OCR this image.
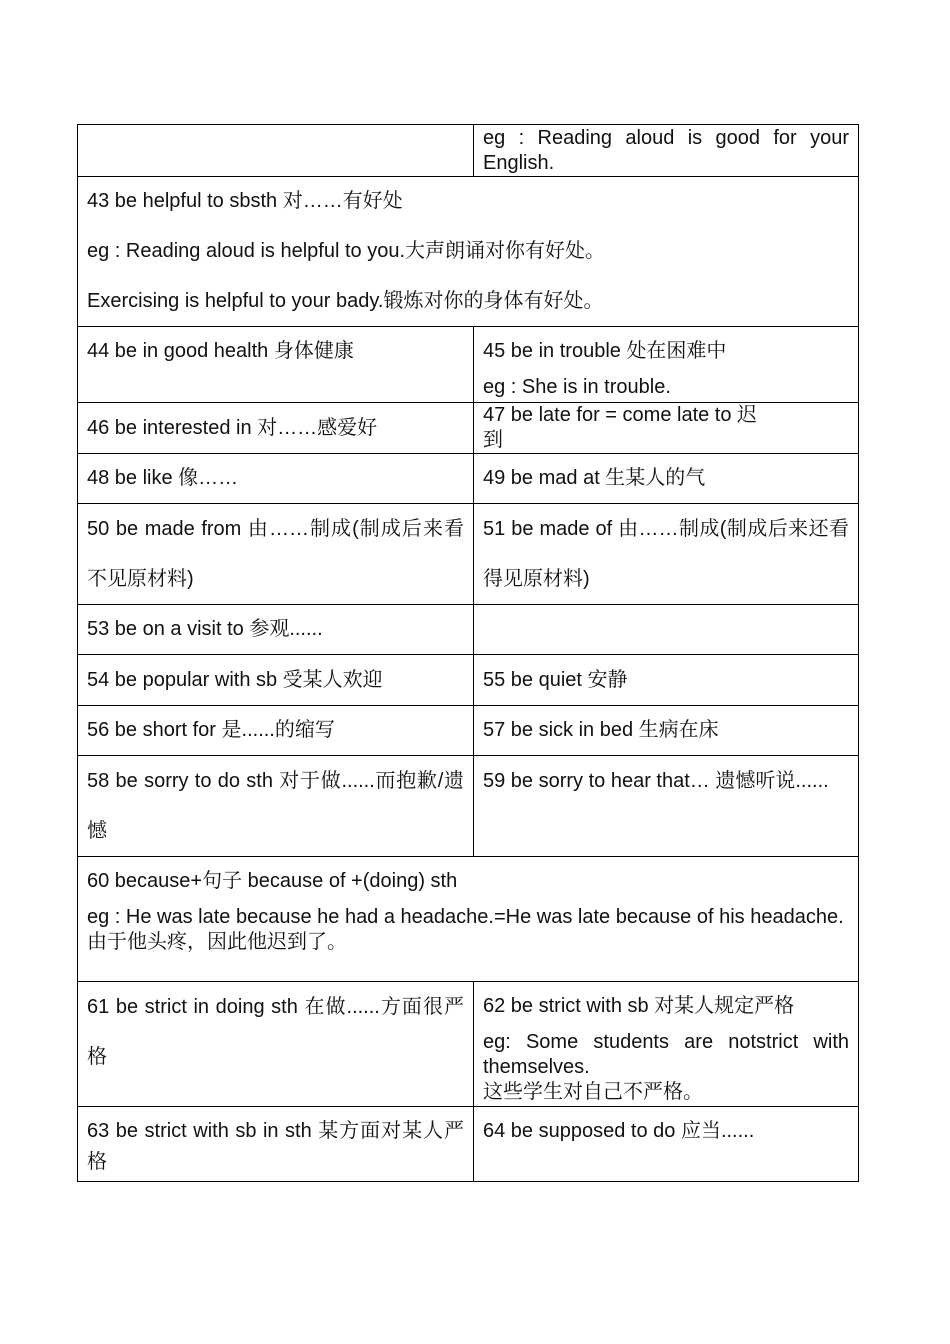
	eg : Reading aloud is good for your English.

43 be helpful to sbsth 对……有好处

eg : Reading aloud is helpful to you.大声朗诵对你有好处。

Exercising is helpful to your bady.锻炼对你的身体有好处。	

44 be in good health 身体健康	45 be in trouble 处在困难中

eg : She is in trouble.

46 be interested in 对……感爱好	47 be late for = come late to 迟到

48 be like 像……	49 be mad at 生某人的气

50 be made from 由……制成(制成后来看不见原材料)	51 be made of 由……制成(制成后来还看得见原材料)

53 be on a visit to 参观......	

54 be popular with sb 受某人欢迎	55 be quiet 安静

56 be short for 是......的缩写	57 be sick in bed 生病在床

58 be sorry to do sth 对于做......而抱歉/遗憾	59 be sorry to hear that… 遗憾听说......

60 because+句子 because of +(doing) sth

eg : He was late because he had a headache.=He was late because of his headache.

由于他头疼，因此他迟到了。	

61 be strict in doing sth 在做......方面很严格	62 be strict with sb 对某人规定严格

eg: Some students are notstrict with themselves.

这些学生对自己不严格。

63 be strict with sb in sth 某方面对某人严格	64 be supposed to do 应当......
